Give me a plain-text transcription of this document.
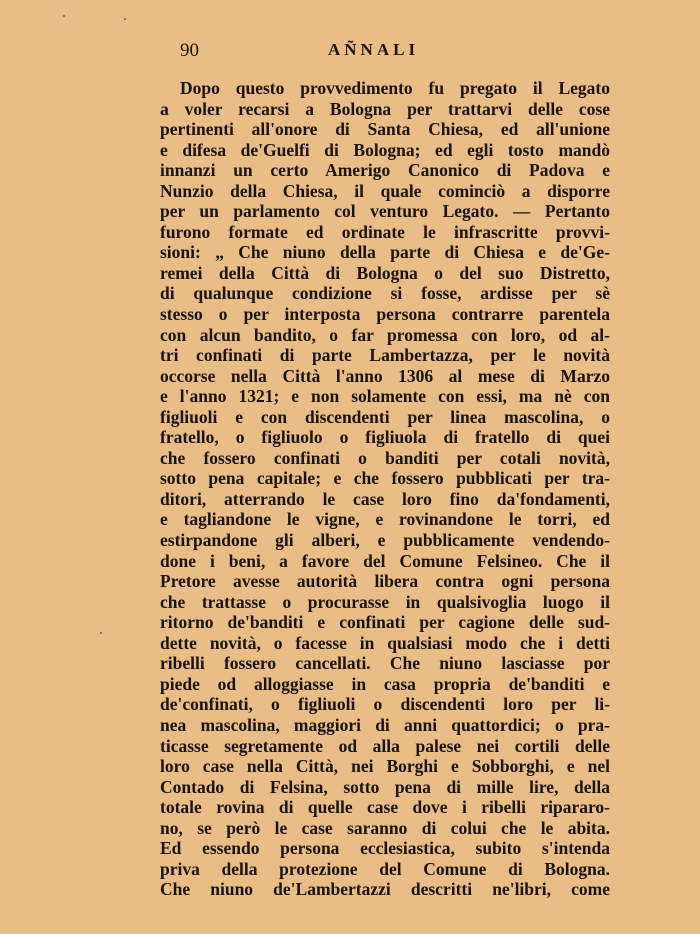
90	AÑNALI
Dopo questo provvedimento fu pregato il Legato
a voler recarsi a Bologna per trattarvi delle cose
pertinenti all'onore di Santa Chiesa, ed all'unione
e difesa de'Guelfi di Bologna; ed egli tosto mandò
innanzi un certo Amerigo Canonico di Padova e
Nunzio della Chiesa, il quale cominciò a disporre
per un parlamento col venturo Legato. — Pertanto
furono formate ed ordinate le infrascritte provvi-
sioni: „ Che niuno della parte di Chiesa e de'Ge-
remei della Città di Bologna o del suo Distretto,
di qualunque condizione si fosse, ardisse per sè
stesso o per interposta persona contrarre parentela
con alcun bandito, o far promessa con loro, od al-
tri confinati di parte Lambertazza, per le novità
occorse nella Città l'anno 1306 al mese di Marzo
e l'anno 1321; e non solamente con essi, ma nè con
figliuoli e con discendenti per linea mascolina, o
fratello, o figliuolo o figliuola di fratello di quei
che fossero confinati o banditi per cotali novità,
sotto pena capitale; e che fossero pubblicati per tra-
ditori, atterrando le case loro fino da'fondamenti,
e tagliandone le vigne, e rovinandone le torri, ed
estirpandone gli alberi, e pubblicamente vendendo-
done i beni, a favore del Comune Felsineo. Che il
Pretore avesse autorità libera contra ogni persona
che trattasse o procurasse in qualsivoglia luogo il
ritorno de'banditi e confinati per cagione delle sud-
dette novità, o facesse in qualsiasi modo che i detti
ribelli fossero cancellati. Che niuno lasciasse por
piede od alloggiasse in casa propria de'banditi e
de'confinati, o figliuoli o discendenti loro per li-
nea mascolina, maggiori di anni quattordici; o pra-
ticasse segretamente od alla palese nei cortili delle
loro case nella Città, nei Borghi e Sobborghi, e nel
Contado di Felsina, sotto pena di mille lire, della
totale rovina di quelle case dove i ribelli ripararo-
no, se però le case saranno di colui che le abita.
Ed essendo persona ecclesiastica, subito s'intenda
priva della protezione del Comune di Bologna.
Che niuno de'Lambertazzi descritti ne'libri, come
